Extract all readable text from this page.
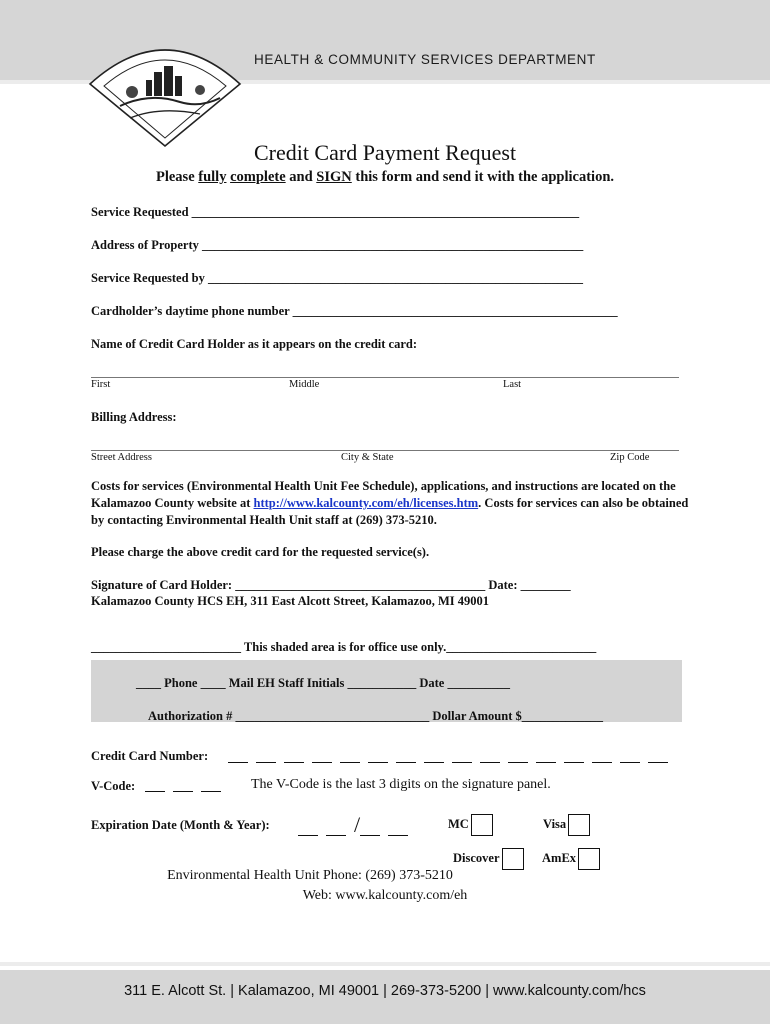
HEALTH & COMMUNITY SERVICES DEPARTMENT
Credit Card Payment Request
Please fully complete and SIGN this form and send it with the application.
Service Requested ______________________________________________________________
Address of Property _____________________________________________________________
Service Requested by ____________________________________________________________
Cardholder’s daytime phone number ____________________________________________________
Name of Credit Card Holder as it appears on the credit card:
First	Middle	Last
Billing Address:
Street Address	City & State	Zip Code
Costs for services (Environmental Health Unit Fee Schedule), applications, and instructions are located on the Kalamazoo County website at http://www.kalcounty.com/eh/licenses.htm. Costs for services can also be obtained by contacting Environmental Health Unit staff at (269) 373-5210.
Please charge the above credit card for the requested service(s).
Signature of Card Holder: ________________________________________ Date: ________
Kalamazoo County HCS EH, 311 East Alcott Street, Kalamazoo, MI 49001
________________________ This shaded area is for office use only.________________________
____ Phone ____ Mail EH Staff Initials ___________ Date __________
Authorization # _______________________________ Dollar Amount $_____________
Credit Card Number:
V-Code:	The V-Code is the last 3 digits on the signature panel.
Expiration Date (Month & Year):	/	MC	Visa
Discover	AmEx
Environmental Health Unit Phone: (269) 373-5210
Web: www.kalcounty.com/eh
311 E. Alcott St. | Kalamazoo, MI 49001 | 269-373-5200 | www.kalcounty.com/hcs
